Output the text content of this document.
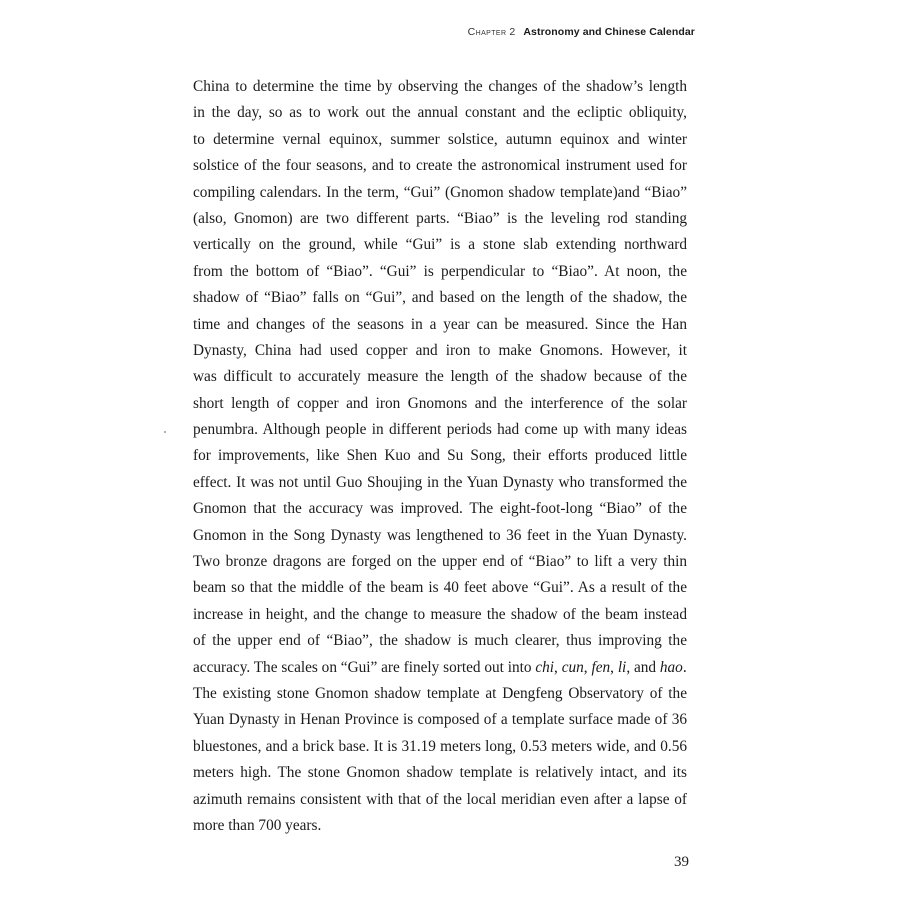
Chapter 2 Astronomy and Chinese Calendar
China to determine the time by observing the changes of the shadow’s length
in the day, so as to work out the annual constant and the ecliptic obliquity,
to determine vernal equinox, summer solstice, autumn equinox and winter
solstice of the four seasons, and to create the astronomical instrument used for
compiling calendars. In the term, “Gui” (Gnomon shadow template)and “Biao”
(also, Gnomon) are two different parts. “Biao” is the leveling rod standing
vertically on the ground, while “Gui” is a stone slab extending northward
from the bottom of “Biao”. “Gui” is perpendicular to “Biao”. At noon, the
shadow of “Biao” falls on “Gui”, and based on the length of the shadow, the
time and changes of the seasons in a year can be measured. Since the Han
Dynasty, China had used copper and iron to make Gnomons. However, it
was difficult to accurately measure the length of the shadow because of the
short length of copper and iron Gnomons and the interference of the solar
penumbra. Although people in different periods had come up with many ideas
for improvements, like Shen Kuo and Su Song, their efforts produced little
effect. It was not until Guo Shoujing in the Yuan Dynasty who transformed the
Gnomon that the accuracy was improved. The eight-foot-long “Biao” of the
Gnomon in the Song Dynasty was lengthened to 36 feet in the Yuan Dynasty.
Two bronze dragons are forged on the upper end of “Biao” to lift a very thin
beam so that the middle of the beam is 40 feet above “Gui”. As a result of the
increase in height, and the change to measure the shadow of the beam instead
of the upper end of “Biao”, the shadow is much clearer, thus improving the
accuracy. The scales on “Gui” are finely sorted out into chi, cun, fen, li, and hao.
The existing stone Gnomon shadow template at Dengfeng Observatory of the
Yuan Dynasty in Henan Province is composed of a template surface made of 36
bluestones, and a brick base. It is 31.19 meters long, 0.53 meters wide, and 0.56
meters high. The stone Gnomon shadow template is relatively intact, and its
azimuth remains consistent with that of the local meridian even after a lapse of
more than 700 years.
39
